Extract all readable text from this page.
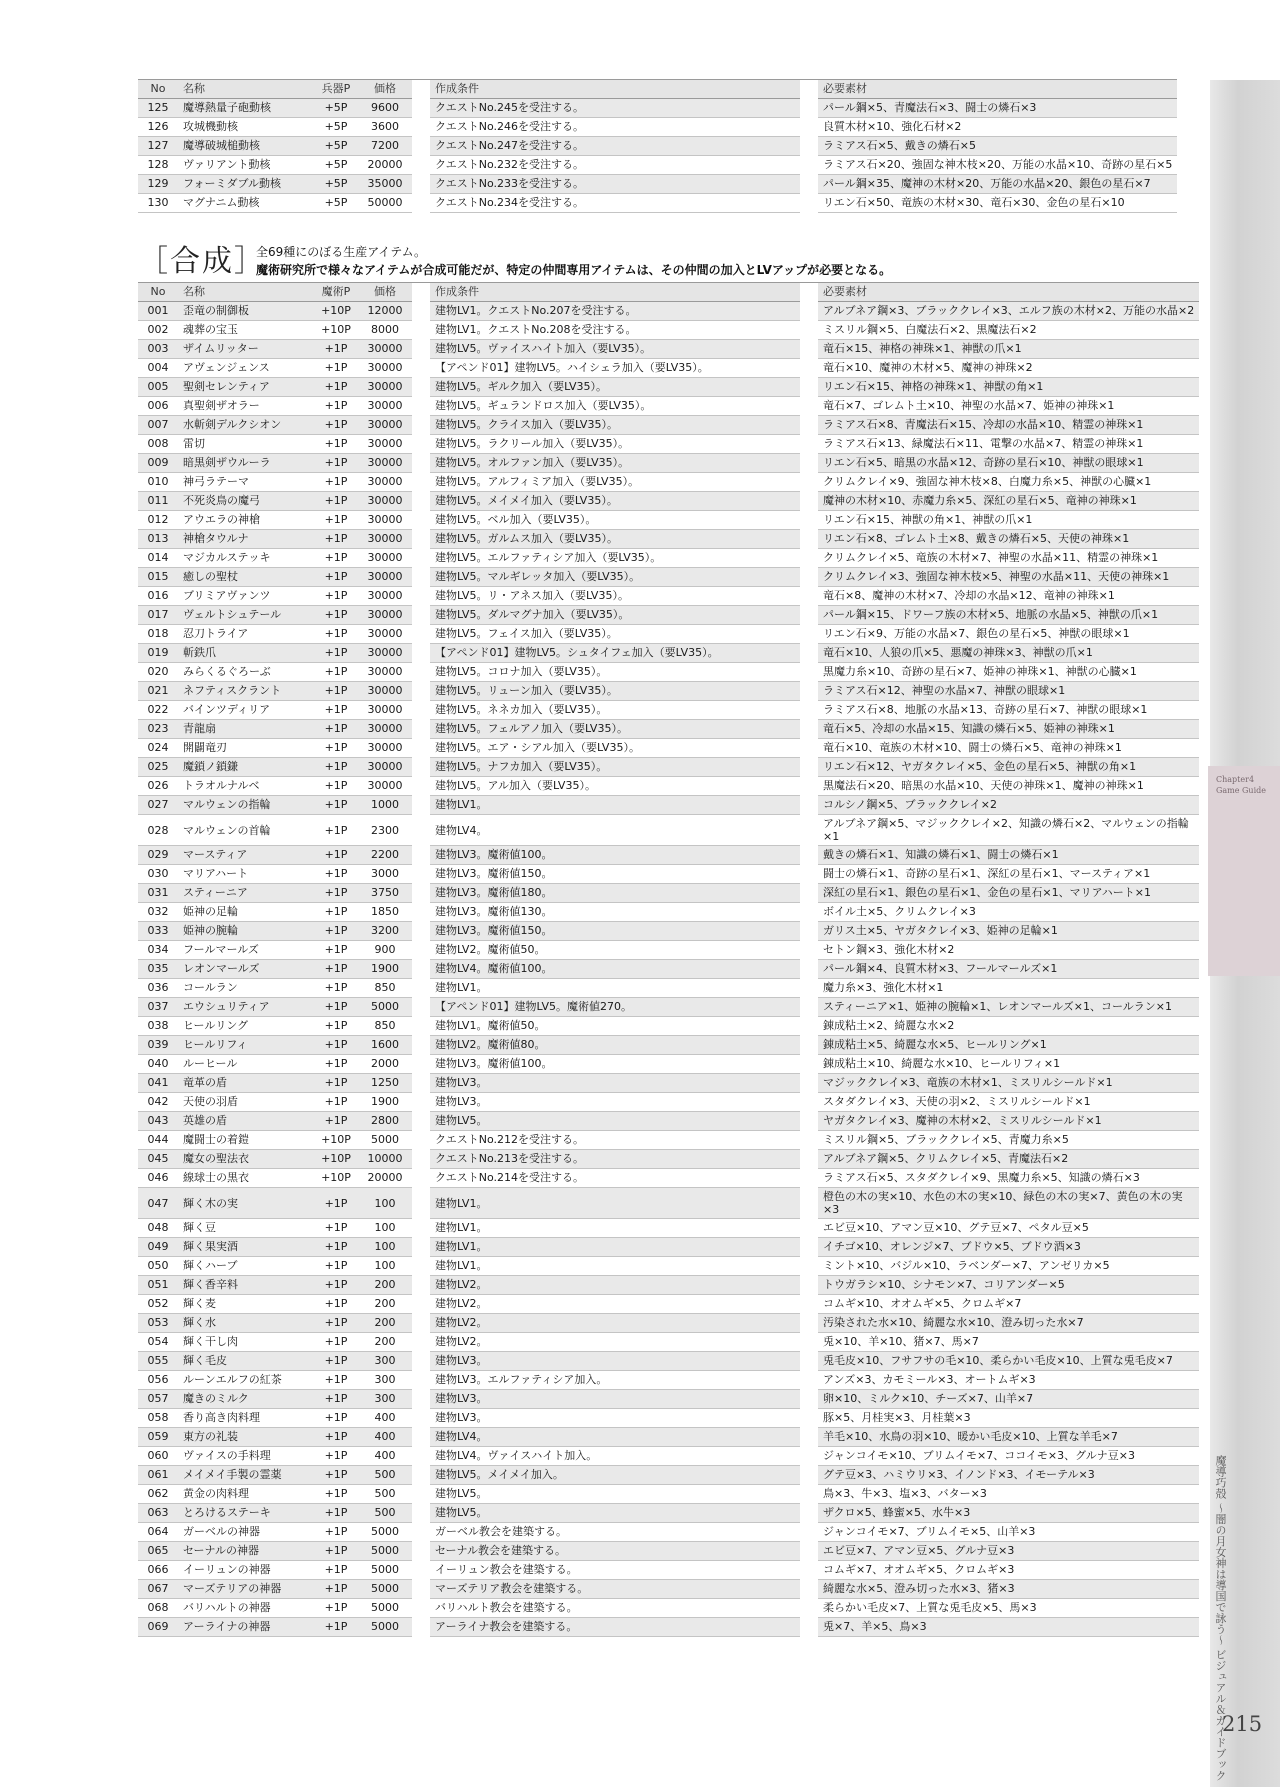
Chapter4 Game Guide
魔導巧殻 〜闇の月女神は導国で詠う〜 ビジュアル＆ガイドブック
215
No	名称	兵器P	価格		作成条件		必要素材
125	魔導熱量子砲動核	+5P	9600		クエストNo.245を受注する。		パール鋼×5、青魔法石×3、闘士の燐石×3
126	攻城機動核	+5P	3600		クエストNo.246を受注する。		良質木材×10、強化石材×2
127	魔導破城槌動核	+5P	7200		クエストNo.247を受注する。		ラミアス石×5、戴きの燐石×5
128	ヴァリアント動核	+5P	20000		クエストNo.232を受注する。		ラミアス石×20、強固な神木枝×20、万能の水晶×10、奇跡の星石×5
129	フォーミダブル動核	+5P	35000		クエストNo.233を受注する。		パール鋼×35、魔神の木材×20、万能の水晶×20、銀色の星石×7
130	マグナニム動核	+5P	50000		クエストNo.234を受注する。		リエン石×50、竜族の木材×30、竜石×30、金色の星石×10
［合成］
全69種にのぼる生産アイテム。
魔術研究所で様々なアイテムが合成可能だが、特定の仲間専用アイテムは、その仲間の加入とLVアップが必要となる。
No	名称	魔術P	価格		作成条件		必要素材
001	歪竜の制御板	+10P	12000		建物LV1。クエストNo.207を受注する。		アルブネア鋼×3、ブラッククレイ×3、エルフ族の木材×2、万能の水晶×2
002	魂葬の宝玉	+10P	8000		建物LV1。クエストNo.208を受注する。		ミスリル鋼×5、白魔法石×2、黒魔法石×2
003	ザイムリッター	+1P	30000		建物LV5。ヴァイスハイト加入（要LV35）。		竜石×15、神格の神珠×1、神獣の爪×1
004	アヴェンジェンス	+1P	30000		【アペンド01】建物LV5。ハイシェラ加入（要LV35）。		竜石×10、魔神の木材×5、魔神の神珠×2
005	聖剣セレンティア	+1P	30000		建物LV5。ギルク加入（要LV35）。		リエン石×15、神格の神珠×1、神獣の角×1
006	真聖剣ザオラー	+1P	30000		建物LV5。ギュランドロス加入（要LV35）。		竜石×7、ゴレムト土×10、神聖の水晶×7、姫神の神珠×1
007	水斬剣デルクシオン	+1P	30000		建物LV5。クライス加入（要LV35）。		ラミアス石×8、青魔法石×15、冷却の水晶×10、精霊の神珠×1
008	雷切	+1P	30000		建物LV5。ラクリール加入（要LV35）。		ラミアス石×13、緑魔法石×11、電撃の水晶×7、精霊の神珠×1
009	暗黒剣ザウルーラ	+1P	30000		建物LV5。オルファン加入（要LV35）。		リエン石×5、暗黒の水晶×12、奇跡の星石×10、神獣の眼球×1
010	神弓ラテーマ	+1P	30000		建物LV5。アルフィミア加入（要LV35）。		クリムクレイ×9、強固な神木枝×8、白魔力糸×5、神獣の心臓×1
011	不死炎鳥の魔弓	+1P	30000		建物LV5。メイメイ加入（要LV35）。		魔神の木材×10、赤魔力糸×5、深紅の星石×5、竜神の神珠×1
012	アウエラの神槍	+1P	30000		建物LV5。ベル加入（要LV35）。		リエン石×15、神獣の角×1、神獣の爪×1
013	神槍タウルナ	+1P	30000		建物LV5。ガルムス加入（要LV35）。		リエン石×8、ゴレムト土×8、戴きの燐石×5、天使の神珠×1
014	マジカルステッキ	+1P	30000		建物LV5。エルファティシア加入（要LV35）。		クリムクレイ×5、竜族の木材×7、神聖の水晶×11、精霊の神珠×1
015	癒しの聖杖	+1P	30000		建物LV5。マルギレッタ加入（要LV35）。		クリムクレイ×3、強固な神木枝×5、神聖の水晶×11、天使の神珠×1
016	ブリミアヴァンツ	+1P	30000		建物LV5。リ・アネス加入（要LV35）。		竜石×8、魔神の木材×7、冷却の水晶×12、竜神の神珠×1
017	ヴェルトシュテール	+1P	30000		建物LV5。ダルマグナ加入（要LV35）。		パール鋼×15、ドワーフ族の木材×5、地脈の水晶×5、神獣の爪×1
018	忍刀トライア	+1P	30000		建物LV5。フェイス加入（要LV35）。		リエン石×9、万能の水晶×7、銀色の星石×5、神獣の眼球×1
019	斬鉄爪	+1P	30000		【アペンド01】建物LV5。シュタイフェ加入（要LV35）。		竜石×10、人狼の爪×5、悪魔の神珠×3、神獣の爪×1
020	みらくるぐろーぶ	+1P	30000		建物LV5。コロナ加入（要LV35）。		黒魔力糸×10、奇跡の星石×7、姫神の神珠×1、神獣の心臓×1
021	ネフティスクラント	+1P	30000		建物LV5。リューン加入（要LV35）。		ラミアス石×12、神聖の水晶×7、神獣の眼球×1
022	バインツディリア	+1P	30000		建物LV5。ネネカ加入（要LV35）。		ラミアス石×8、地脈の水晶×13、奇跡の星石×7、神獣の眼球×1
023	青龍扇	+1P	30000		建物LV5。フェルアノ加入（要LV35）。		竜石×5、冷却の水晶×15、知識の燐石×5、姫神の神珠×1
024	開闢竜刃	+1P	30000		建物LV5。エア・シアル加入（要LV35）。		竜石×10、竜族の木材×10、闘士の燐石×5、竜神の神珠×1
025	魔鎖ノ鎖鎌	+1P	30000		建物LV5。ナフカ加入（要LV35）。		リエン石×12、ヤガタクレイ×5、金色の星石×5、神獣の角×1
026	トラオルナルベ	+1P	30000		建物LV5。アル加入（要LV35）。		黒魔法石×20、暗黒の水晶×10、天使の神珠×1、魔神の神珠×1
027	マルウェンの指輪	+1P	1000		建物LV1。		コルシノ鋼×5、ブラッククレイ×2
028	マルウェンの首輪	+1P	2300		建物LV4。		アルブネア鋼×5、マジッククレイ×2、知識の燐石×2、マルウェンの指輪×1
029	マースティア	+1P	2200		建物LV3。魔術値100。		戴きの燐石×1、知識の燐石×1、闘士の燐石×1
030	マリアハート	+1P	3000		建物LV3。魔術値150。		闘士の燐石×1、奇跡の星石×1、深紅の星石×1、マースティア×1
031	スティーニア	+1P	3750		建物LV3。魔術値180。		深紅の星石×1、銀色の星石×1、金色の星石×1、マリアハート×1
032	姫神の足輪	+1P	1850		建物LV3。魔術値130。		ボイル土×5、クリムクレイ×3
033	姫神の腕輪	+1P	3200		建物LV3。魔術値150。		ガリス土×5、ヤガタクレイ×3、姫神の足輪×1
034	フールマールズ	+1P	900		建物LV2。魔術値50。		セトン鋼×3、強化木材×2
035	レオンマールズ	+1P	1900		建物LV4。魔術値100。		パール鋼×4、良質木材×3、フールマールズ×1
036	コールラン	+1P	850		建物LV1。		魔力糸×3、強化木材×1
037	エウシュリティア	+1P	5000		【アペンド01】建物LV5。魔術値270。		スティーニア×1、姫神の腕輪×1、レオンマールズ×1、コールラン×1
038	ヒールリング	+1P	850		建物LV1。魔術値50。		錬成粘土×2、綺麗な水×2
039	ヒールリフィ	+1P	1600		建物LV2。魔術値80。		錬成粘土×5、綺麗な水×5、ヒールリング×1
040	ルーヒール	+1P	2000		建物LV3。魔術値100。		錬成粘土×10、綺麗な水×10、ヒールリフィ×1
041	竜革の盾	+1P	1250		建物LV3。		マジッククレイ×3、竜族の木材×1、ミスリルシールド×1
042	天使の羽盾	+1P	1900		建物LV3。		スタダクレイ×3、天使の羽×2、ミスリルシールド×1
043	英雄の盾	+1P	2800		建物LV5。		ヤガタクレイ×3、魔神の木材×2、ミスリルシールド×1
044	魔闘士の着鎧	+10P	5000		クエストNo.212を受注する。		ミスリル鋼×5、ブラッククレイ×5、青魔力糸×5
045	魔女の聖法衣	+10P	10000		クエストNo.213を受注する。		アルブネア鋼×5、クリムクレイ×5、青魔法石×2
046	線球士の黒衣	+10P	20000		クエストNo.214を受注する。		ラミアス石×5、スタダクレイ×9、黒魔力糸×5、知識の燐石×3
047	輝く木の実	+1P	100		建物LV1。		橙色の木の実×10、水色の木の実×10、緑色の木の実×7、黄色の木の実×3
048	輝く豆	+1P	100		建物LV1。		エビ豆×10、アマン豆×10、グテ豆×7、ペタル豆×5
049	輝く果実酒	+1P	100		建物LV1。		イチゴ×10、オレンジ×7、ブドウ×5、ブドウ酒×3
050	輝くハーブ	+1P	100		建物LV1。		ミント×10、バジル×10、ラベンダー×7、アンゼリカ×5
051	輝く香辛料	+1P	200		建物LV2。		トウガラシ×10、シナモン×7、コリアンダー×5
052	輝く麦	+1P	200		建物LV2。		コムギ×10、オオムギ×5、クロムギ×7
053	輝く水	+1P	200		建物LV2。		汚染された水×10、綺麗な水×10、澄み切った水×7
054	輝く干し肉	+1P	200		建物LV2。		兎×10、羊×10、猪×7、馬×7
055	輝く毛皮	+1P	300		建物LV3。		兎毛皮×10、フサフサの毛×10、柔らかい毛皮×10、上質な兎毛皮×7
056	ルーンエルフの紅茶	+1P	300		建物LV3。エルファティシア加入。		アンズ×3、カモミール×3、オートムギ×3
057	魔きのミルク	+1P	300		建物LV3。		卵×10、ミルク×10、チーズ×7、山羊×7
058	香り高き肉料理	+1P	400		建物LV3。		豚×5、月桂実×3、月桂葉×3
059	東方の礼装	+1P	400		建物LV4。		羊毛×10、水鳥の羽×10、暖かい毛皮×10、上質な羊毛×7
060	ヴァイスの手料理	+1P	400		建物LV4。ヴァイスハイト加入。		ジャンコイモ×10、ブリムイモ×7、ココイモ×3、グルナ豆×3
061	メイメイ手製の霊薬	+1P	500		建物LV5。メイメイ加入。		グテ豆×3、ハミウリ×3、イノンド×3、イモーテル×3
062	黄金の肉料理	+1P	500		建物LV5。		鳥×3、牛×3、塩×3、バター×3
063	とろけるステーキ	+1P	500		建物LV5。		ザクロ×5、蜂蜜×5、水牛×3
064	ガーベルの神器	+1P	5000		ガーベル教会を建築する。		ジャンコイモ×7、ブリムイモ×5、山羊×3
065	セーナルの神器	+1P	5000		セーナル教会を建築する。		エビ豆×7、アマン豆×5、グルナ豆×3
066	イーリュンの神器	+1P	5000		イーリュン教会を建築する。		コムギ×7、オオムギ×5、クロムギ×3
067	マーズテリアの神器	+1P	5000		マーズテリア教会を建築する。		綺麗な水×5、澄み切った水×3、猪×3
068	バリハルトの神器	+1P	5000		バリハルト教会を建築する。		柔らかい毛皮×7、上質な兎毛皮×5、馬×3
069	アーライナの神器	+1P	5000		アーライナ教会を建築する。		兎×7、羊×5、鳥×3
